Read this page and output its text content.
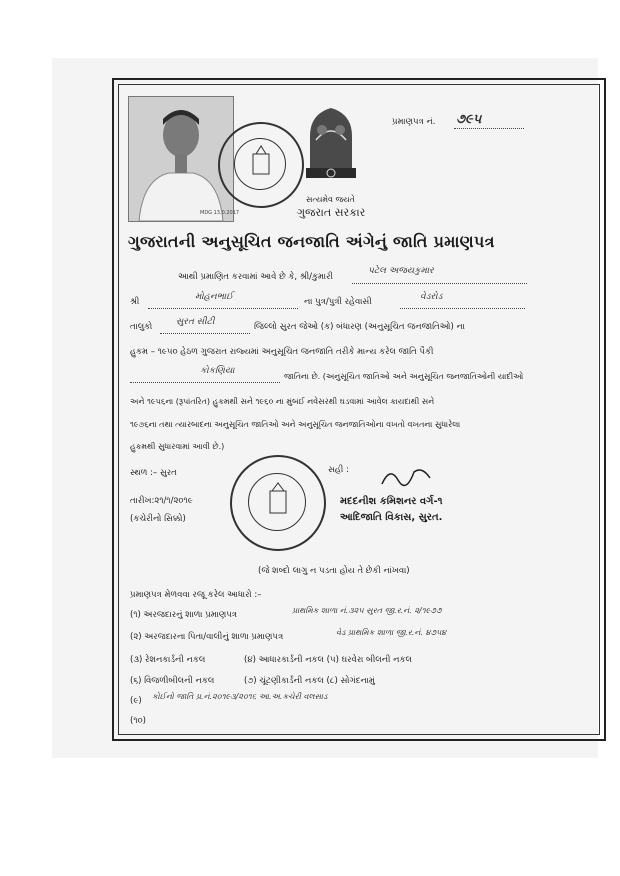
MDG 13.0.2017
સત્યમેવ જયતે
ગુજરાત સરકાર
પ્રમાણપત્ર નં. ૭૯૫
ગુજરાતની અનુસૂચિત જનજાતિ અંગેનું જાતિ પ્રમાણપત્ર
આથી પ્રમાણિત કરવામાં આવે છે કે, શ્રી/કુમારી
પટેલ અજયકુમાર
શ્રી	મોહનભાઈ	ના પુત્ર/પુત્રી રહેવાસી	વેડરોડ
તાલુકો	સુરત સીટી	જિલ્લો સુરત જેઓ (ક) બંધારણ (અનુસૂચિત જનજાતિઓ) ના
હુકમ – ૧૯૫૦ હેઠળ ગુજરાત રાજ્યમાં અનુસૂચિત જનજાતિ તરીકે માન્ય કરેલ જાતિ પૈકી
કોકણિયા
જાતિના છે. (અનુસૂચિત જાતિઓ અને અનુસૂચિત જનજાતિઓની યાદીઓ
અને ૧૯૫૬ના (રૂપાંતરિત) હુકમથી સને ૧૯૬૦ ના મુંબઈ નવેસરથી ઘડવામાં આવેલ કાયદાથી સને
૧૯૭૬ના તથા ત્યારબાદના અનુસૂચિત જાતિઓ અને અનુસૂચિત જનજાતિઓના વખતો વખતના સુધારેલા
હુકમથી સુધારવામાં આવી છે.)
સ્થળ :– સુરત	સહી :
તારીખ:૨૧/૧/૨૦૧૯
(કચેરીનો સિક્કો)
મદદનીશ કમિશનર વર્ગ-૧
આદિજાતિ વિકાસ, સુરત.
(જે શબ્દો લાગુ ન પડતા હોય તે છેકી નાંખવા)
પ્રમાણપત્ર મેળવવા રજૂ કરેલ આધારો :–
(૧) અરજદારનું શાળા પ્રમાણપત્ર	પ્રાથમિક શાળા નં.૩૨૫ સુરત જી.ર.નં. ૨/૧૯૭૭
(૨) અરજદારના પિતા/વાલીનું શાળા પ્રમાણપત્ર	વેડ પ્રાથમિક શાળા જી.ર.નં. ૪૭૫૪
(૩) રેશનકાર્ડની નકલ	(૪) આધારકાર્ડની નકલ (૫) ઘરવેરા બીલની નકલ
(૬) વિજળીબીલની નકલ	(૭) ચૂંટણીકાર્ડની નકલ (૮) સોગંદનામું
(૯) કોઈનો જાતિ પ્ર.નં.૨૦૧૯૩/૨૦૧૬ આ.અ.કચેરી વલસાડ
(૧૦)
